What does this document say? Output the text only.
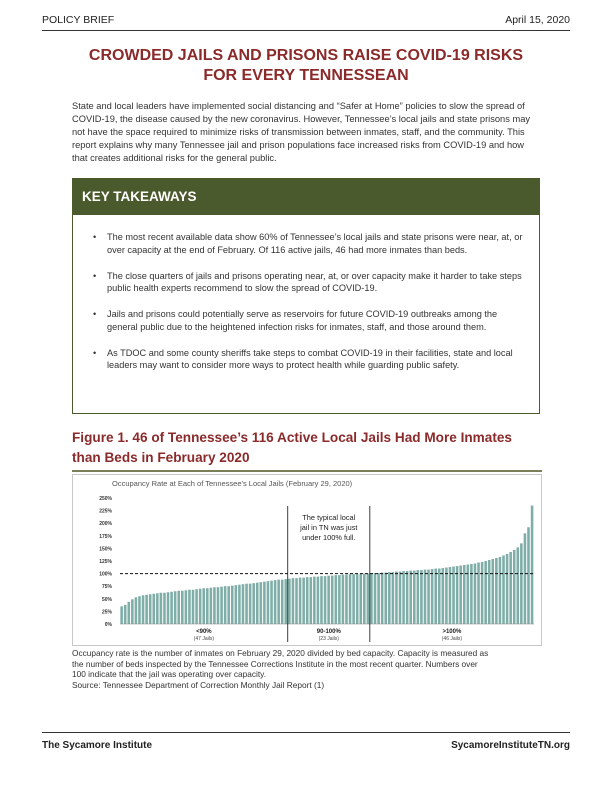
POLICY BRIEF	April 15, 2020
CROWDED JAILS AND PRISONS RAISE COVID-19 RISKS
FOR EVERY TENNESSEAN
State and local leaders have implemented social distancing and “Safer at Home” policies to slow the spread of COVID-19, the disease caused by the new coronavirus. However, Tennessee’s local jails and state prisons may not have the space required to minimize risks of transmission between inmates, staff, and the community. This report explains why many Tennessee jail and prison populations face increased risks from COVID-19 and how that creates additional risks for the general public.
KEY TAKEAWAYS
• The most recent available data show 60% of Tennessee’s local jails and state prisons were near, at, or over capacity at the end of February. Of 116 active jails, 46 had more inmates than beds.
• The close quarters of jails and prisons operating near, at, or over capacity make it harder to take steps public health experts recommend to slow the spread of COVID-19.
• Jails and prisons could potentially serve as reservoirs for future COVID-19 outbreaks among the general public due to the heightened infection risks for inmates, staff, and those around them.
• As TDOC and some county sheriffs take steps to combat COVID-19 in their facilities, state and local leaders may want to consider more ways to protect health while guarding public safety.
Figure 1. 46 of Tennessee’s 116 Active Local Jails Had More Inmates
than Beds in February 2020
Occupancy Rate at Each of Tennessee's Local Jails (February 29, 2020)
250%
225%
200%
175%
150%
125%
100%
75%
50%
25%
0%
The typical local
jail in TN was just
under 100% full.
<90%
(47 Jails)
90-100%
(23 Jails)
>100%
(46 Jails)
Occupancy rate is the number of inmates on February 29, 2020 divided by bed capacity. Capacity is measured as
the number of beds inspected by the Tennessee Corrections Institute in the most recent quarter. Numbers over
100 indicate that the jail was operating over capacity.
Source: Tennessee Department of Correction Monthly Jail Report (1)
The Sycamore Institute	SycamoreInstituteTN.org
